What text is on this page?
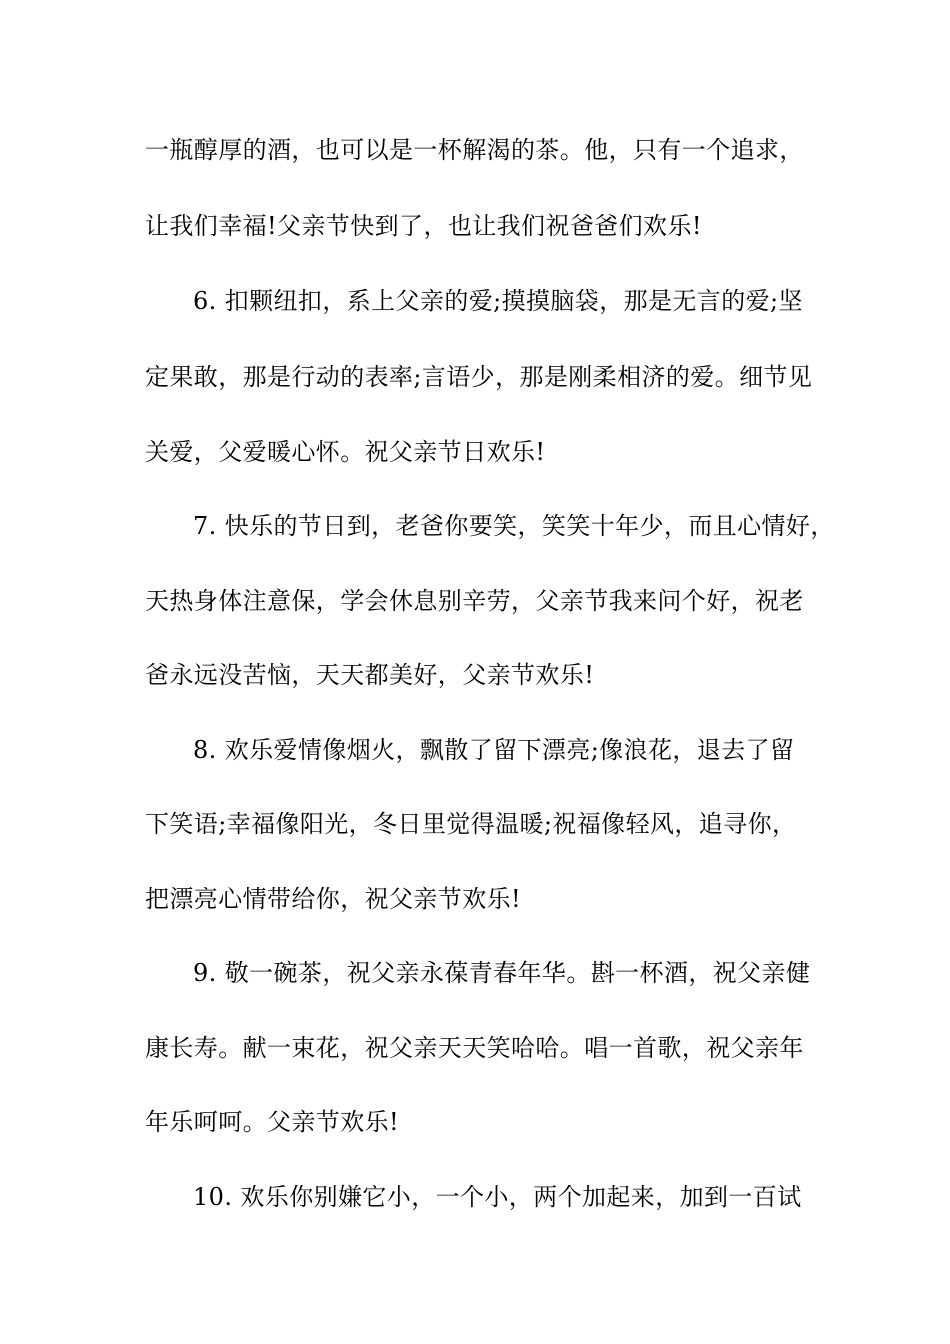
一瓶醇厚的酒，也可以是一杯解渴的茶。他，只有一个追求，
让我们幸福!父亲节快到了，也让我们祝爸爸们欢乐!
6. 扣颗纽扣，系上父亲的爱;摸摸脑袋，那是无言的爱;坚
定果敢，那是行动的表率;言语少，那是刚柔相济的爱。细节见
关爱，父爱暖心怀。祝父亲节日欢乐!
7. 快乐的节日到，老爸你要笑，笑笑十年少，而且心情好，
天热身体注意保，学会休息别辛劳，父亲节我来问个好，祝老
爸永远没苦恼，天天都美好，父亲节欢乐!
8. 欢乐爱情像烟火，飘散了留下漂亮;像浪花，退去了留
下笑语;幸福像阳光，冬日里觉得温暖;祝福像轻风，追寻你，
把漂亮心情带给你，祝父亲节欢乐!
9. 敬一碗茶，祝父亲永葆青春年华。斟一杯酒，祝父亲健
康长寿。献一束花，祝父亲天天笑哈哈。唱一首歌，祝父亲年
年乐呵呵。父亲节欢乐!
10. 欢乐你别嫌它小，一个小，两个加起来，加到一百试
